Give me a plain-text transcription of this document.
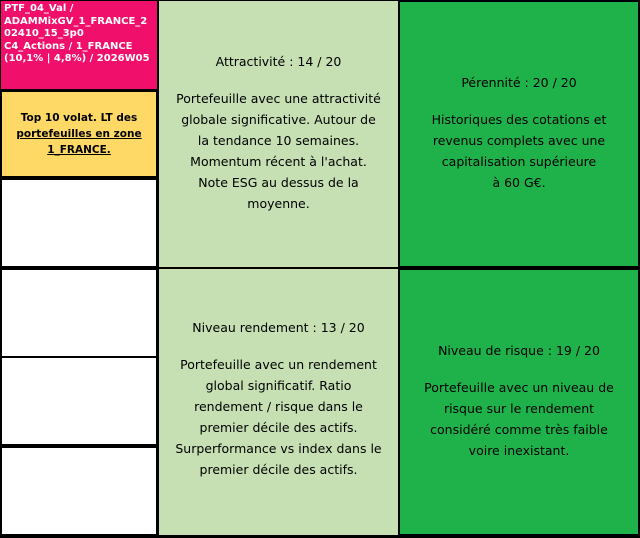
PTF_04_Val /
ADAMMixGV_1_FRANCE_2
02410_15_3p0
C4_Actions / 1_FRANCE
(10,1% | 4,8%) / 2026W05
Top 10 volat. LT des
portefeuilles en zone
1_FRANCE.
Attractivité : 14 / 20
Portefeuille avec une attractivité
globale significative. Autour de
la tendance 10 semaines.
Momentum récent à l'achat.
Note ESG au dessus de la
moyenne.
Pérennité : 20 / 20
Historiques des cotations et
revenus complets avec une
capitalisation supérieure
à 60 G€.
Niveau rendement : 13 / 20
Portefeuille avec un rendement
global significatif. Ratio
rendement / risque dans le
premier décile des actifs.
Surperformance vs index dans le
premier décile des actifs.
Niveau de risque : 19 / 20
Portefeuille avec un niveau de
risque sur le rendement
considéré comme très faible
voire inexistant.
